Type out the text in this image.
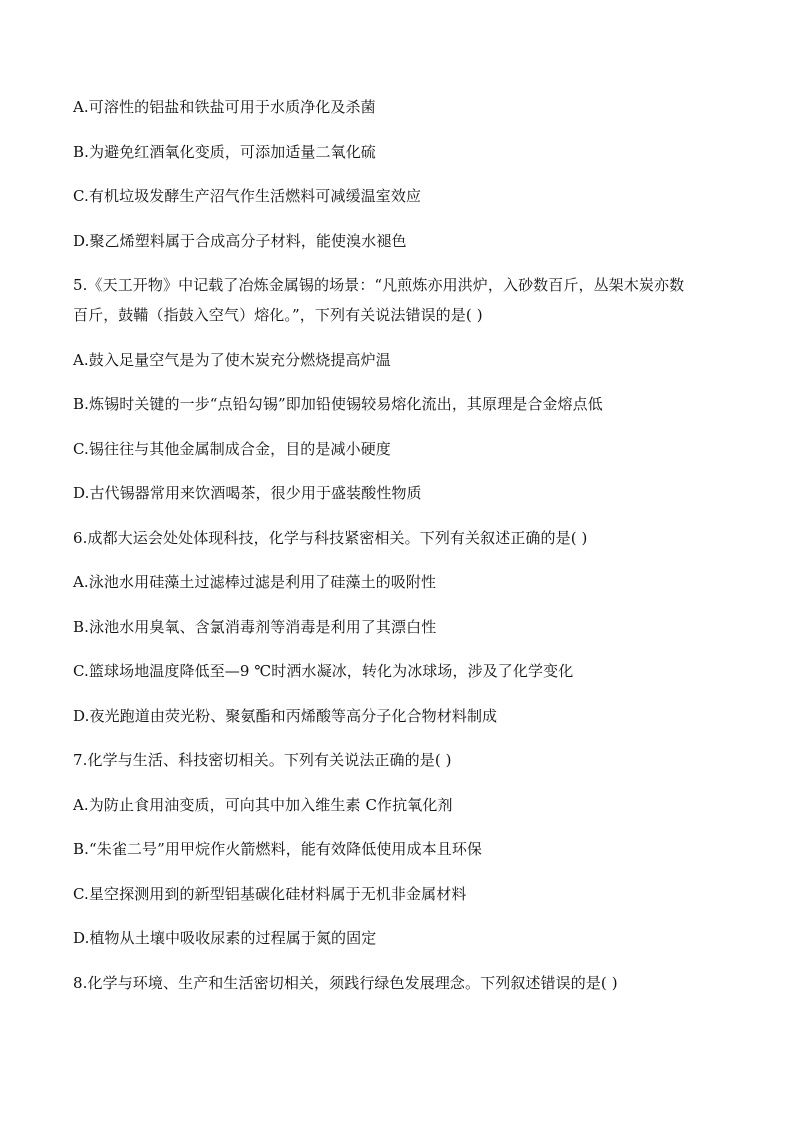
A.可溶性的铝盐和铁盐可用于水质净化及杀菌

B.为避免红酒氧化变质，可添加适量二氧化硫

C.有机垃圾发酵生产沼气作生活燃料可减缓温室效应

D.聚乙烯塑料属于合成高分子材料，能使溴水褪色

5.《天工开物》中记载了冶炼金属锡的场景：“凡煎炼亦用洪炉，入砂数百斤，丛架木炭亦数

百斤，鼓鞴（指鼓入空气）熔化。”，下列有关说法错误的是( )

A.鼓入足量空气是为了使木炭充分燃烧提高炉温

B.炼锡时关键的一步“点铅勾锡”即加铅使锡较易熔化流出，其原理是合金熔点低

C.锡往往与其他金属制成合金，目的是减小硬度

D.古代锡器常用来饮酒喝茶，很少用于盛装酸性物质

6.成都大运会处处体现科技，化学与科技紧密相关。下列有关叙述正确的是( )

A.泳池水用硅藻土过滤棒过滤是利用了硅藻土的吸附性

B.泳池水用臭氧、含氯消毒剂等消毒是利用了其漂白性

C.篮球场地温度降低至—9 ℃时洒水凝冰，转化为冰球场，涉及了化学变化

D.夜光跑道由荧光粉、聚氨酯和丙烯酸等高分子化合物材料制成

7.化学与生活、科技密切相关。下列有关说法正确的是( )

A.为防止食用油变质，可向其中加入维生素 C作抗氧化剂

B.“朱雀二号”用甲烷作火箭燃料，能有效降低使用成本且环保

C.星空探测用到的新型铝基碳化硅材料属于无机非金属材料

D.植物从土壤中吸收尿素的过程属于氮的固定

8.化学与环境、生产和生活密切相关，须践行绿色发展理念。下列叙述错误的是( )
